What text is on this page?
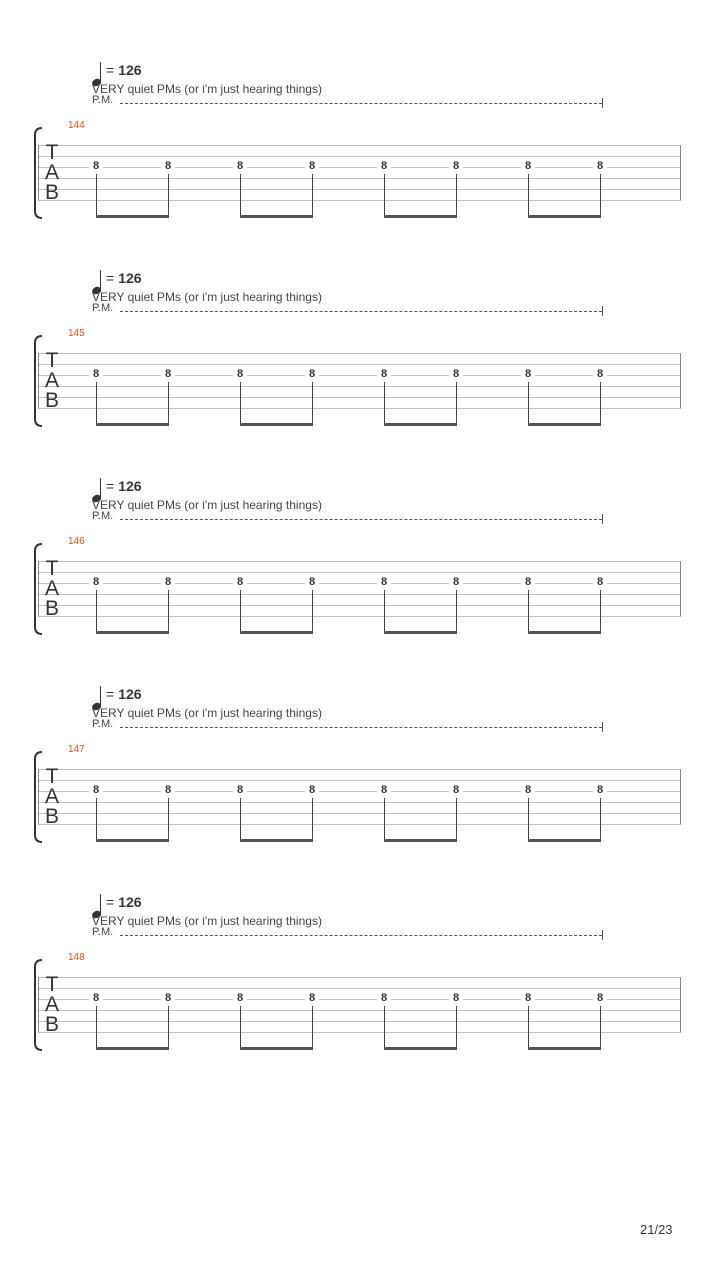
= 126
VERY quiet PMs (or i'm just hearing things)
P.M.
144
T
A
B
8	8	8	8	8	8	8	8
= 126
VERY quiet PMs (or i'm just hearing things)
P.M.
145
T
A
B
8	8	8	8	8	8	8	8
= 126
VERY quiet PMs (or i'm just hearing things)
P.M.
146
T
A
B
8	8	8	8	8	8	8	8
= 126
VERY quiet PMs (or i'm just hearing things)
P.M.
147
T
A
B
8	8	8	8	8	8	8	8
= 126
VERY quiet PMs (or i'm just hearing things)
P.M.
148
T
A
B
8	8	8	8	8	8	8	8
21/23
